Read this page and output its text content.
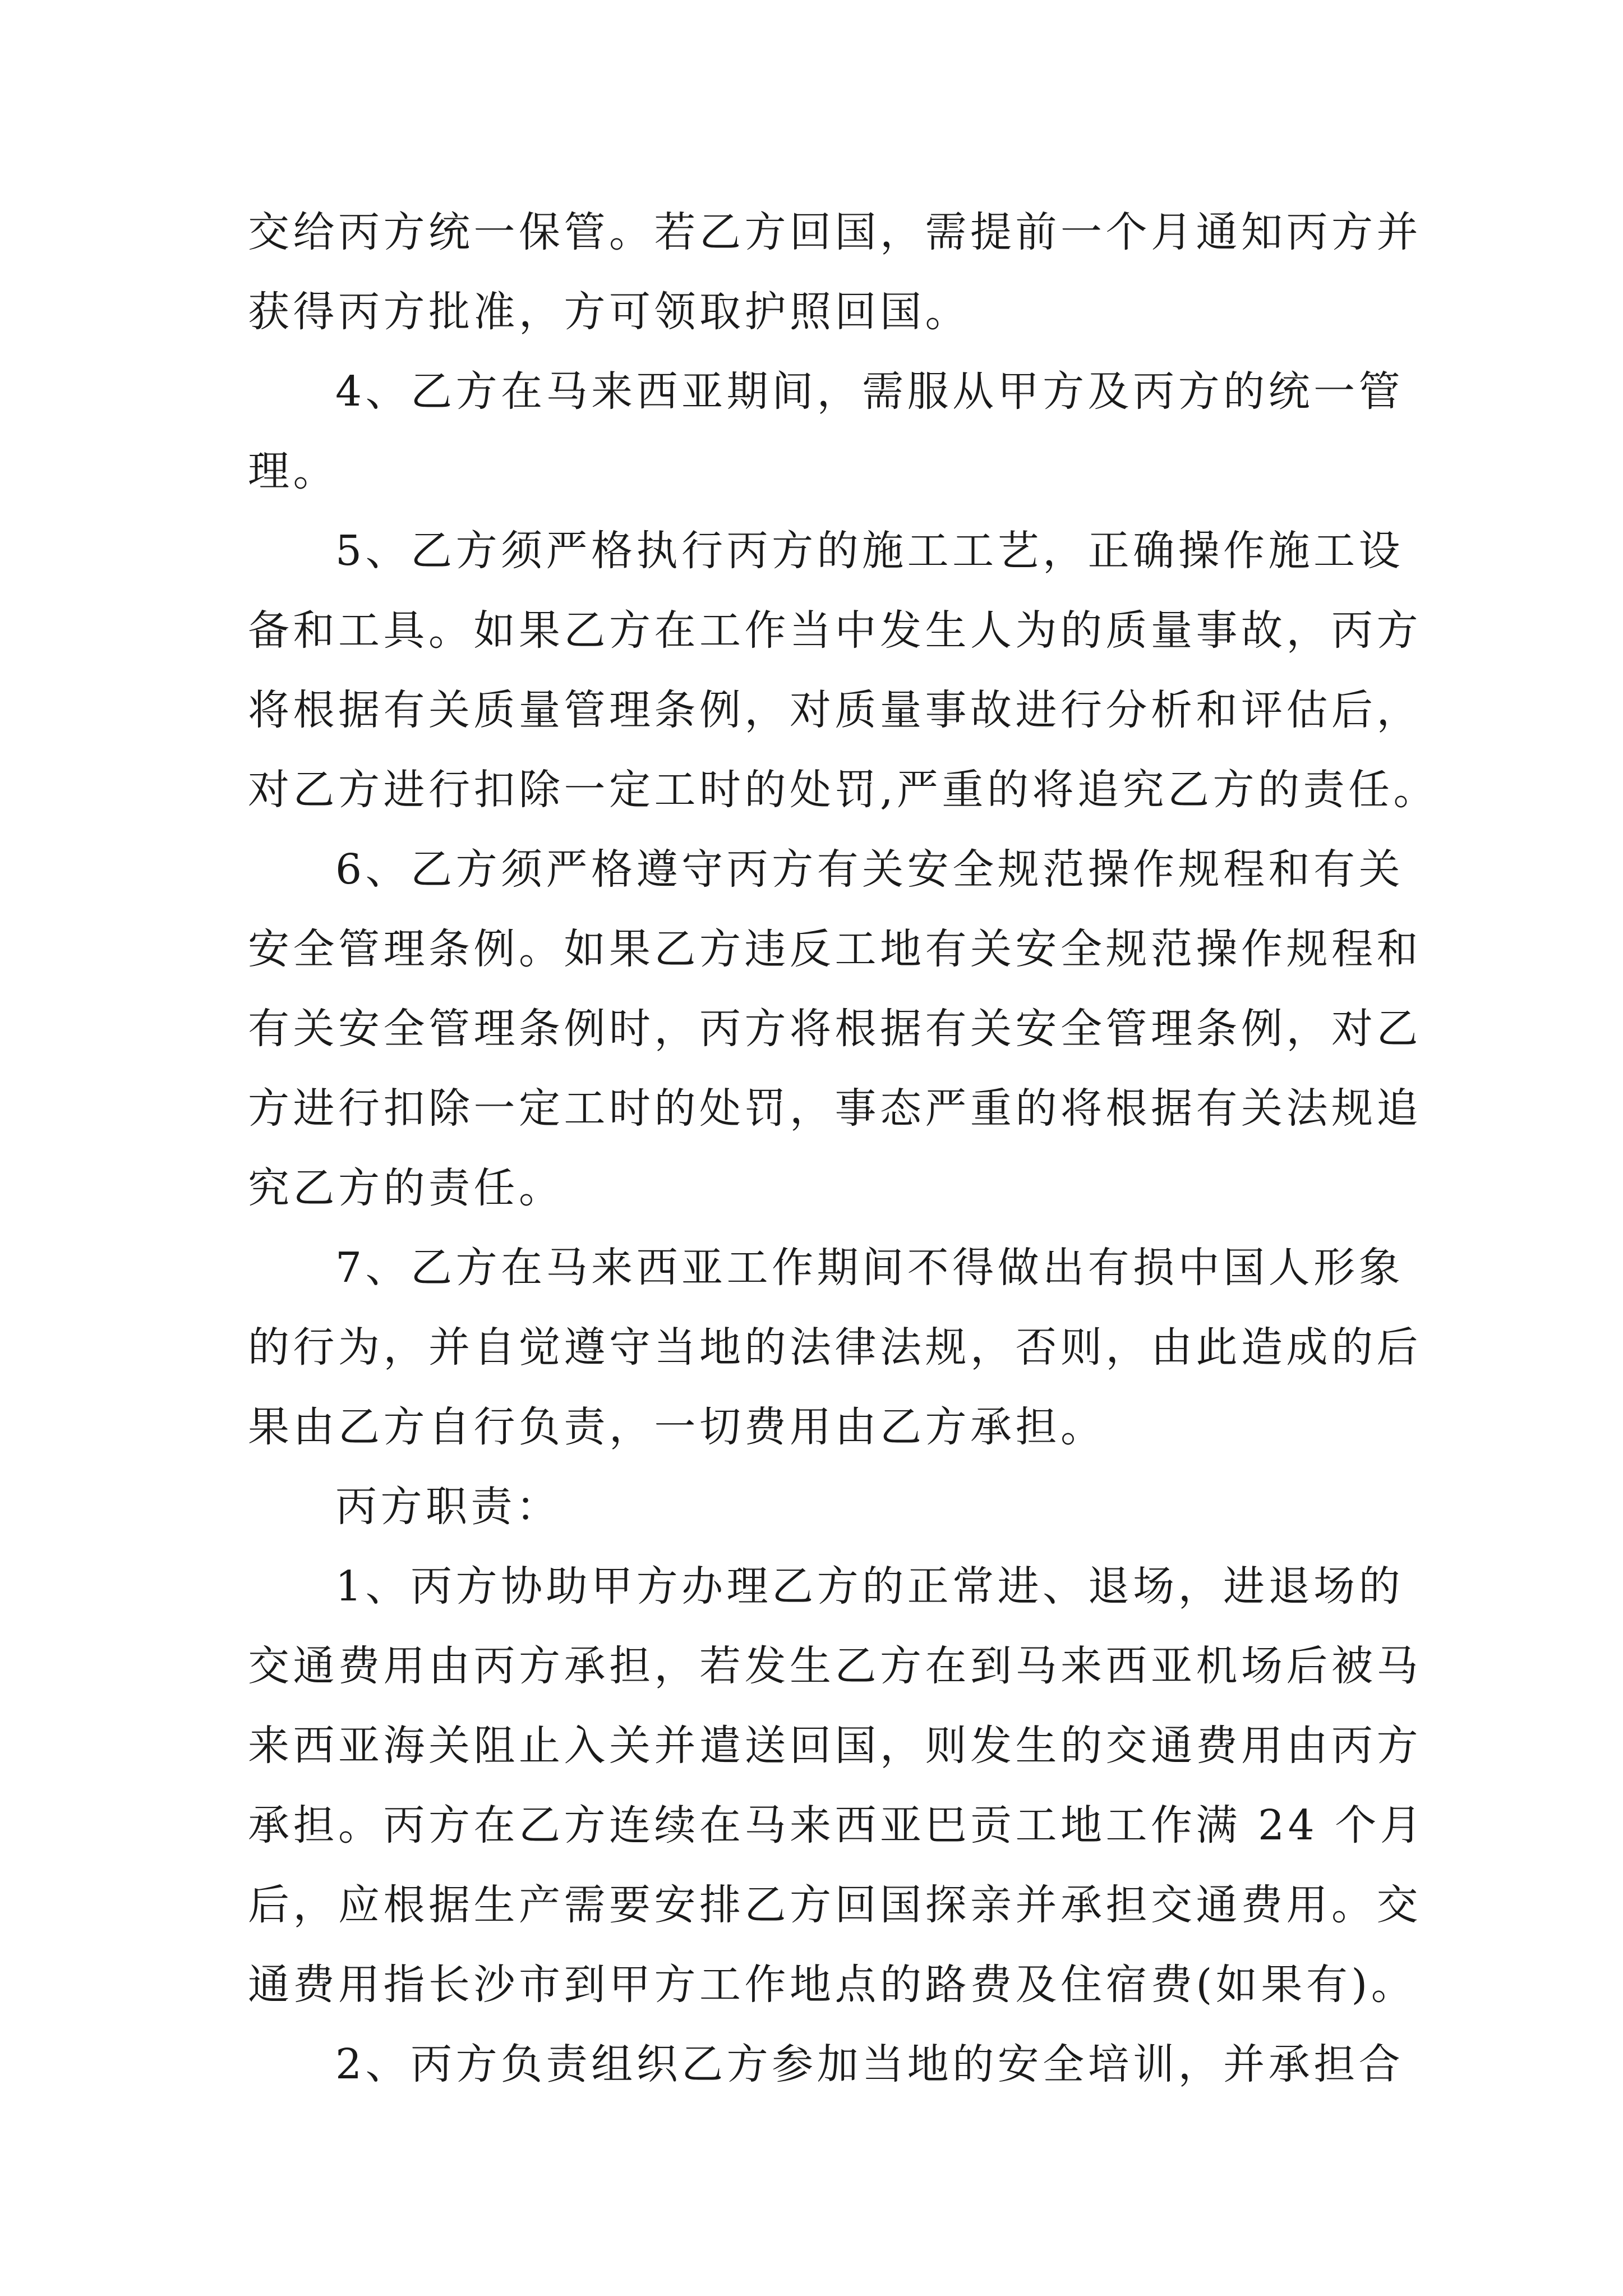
交给丙方统一保管。若乙方回国，需提前一个月通知丙方并

获得丙方批准，方可领取护照回国。

4、乙方在马来西亚期间，需服从甲方及丙方的统一管

理。

5、乙方须严格执行丙方的施工工艺，正确操作施工设

备和工具。如果乙方在工作当中发生人为的质量事故，丙方

将根据有关质量管理条例，对质量事故进行分析和评估后，

对乙方进行扣除一定工时的处罚,严重的将追究乙方的责任。

6、乙方须严格遵守丙方有关安全规范操作规程和有关

安全管理条例。如果乙方违反工地有关安全规范操作规程和

有关安全管理条例时，丙方将根据有关安全管理条例，对乙

方进行扣除一定工时的处罚，事态严重的将根据有关法规追

究乙方的责任。

7、乙方在马来西亚工作期间不得做出有损中国人形象

的行为，并自觉遵守当地的法律法规，否则，由此造成的后

果由乙方自行负责，一切费用由乙方承担。

丙方职责：

1、丙方协助甲方办理乙方的正常进、退场，进退场的

交通费用由丙方承担，若发生乙方在到马来西亚机场后被马

来西亚海关阻止入关并遣送回国，则发生的交通费用由丙方

承担。丙方在乙方连续在马来西亚巴贡工地工作满 24 个月

后，应根据生产需要安排乙方回国探亲并承担交通费用。交

通费用指长沙市到甲方工作地点的路费及住宿费(如果有)。

2、丙方负责组织乙方参加当地的安全培训，并承担合
